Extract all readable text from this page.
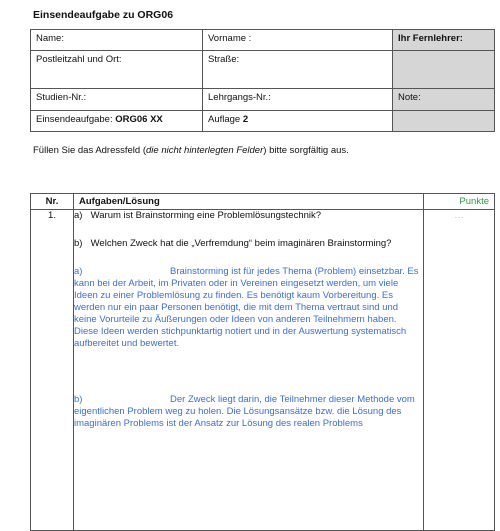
Einsendeaufgabe zu ORG06
Name:	Vorname :	Ihr Fernlehrer:
Postleitzahl und Ort:	Straße:	
Studien-Nr.:	Lehrgangs-Nr.:	Note:
Einsendeaufgabe: ORG06 XX	Auflage 2	
Füllen Sie das Adressfeld (die nicht hinterlegten Felder) bitte sorgfältig aus.
Nr.	Aufgaben/Lösung	Punkte
1.	a) Warum ist Brainstorming eine Problemlösungstechnik?
b) Welchen Zweck hat die „Verfremdung“ beim imaginären Brainstorming?
a) Brainstorming ist für jedes Thema (Problem) einsetzbar. Es kann bei der Arbeit, im Privaten oder in Vereinen eingesetzt werden, um viele Ideen zu einer Problemlösung zu finden. Es benötigt kaum Vorbereitung. Es werden nur ein paar Personen benötigt, die mit dem Thema vertraut sind und keine Vorurteile zu Äußerungen oder Ideen von anderen Teilnehmern haben. Diese Ideen werden stichpunktartig notiert und in der Auswertung systematisch aufbereitet und bewertet.
b) Der Zweck liegt darin, die Teilnehmer dieser Methode vom eigentlichen Problem weg zu holen. Die Lösungsansätze bzw. die Lösung des imaginären Problems ist der Ansatz zur Lösung des realen Problems	…
